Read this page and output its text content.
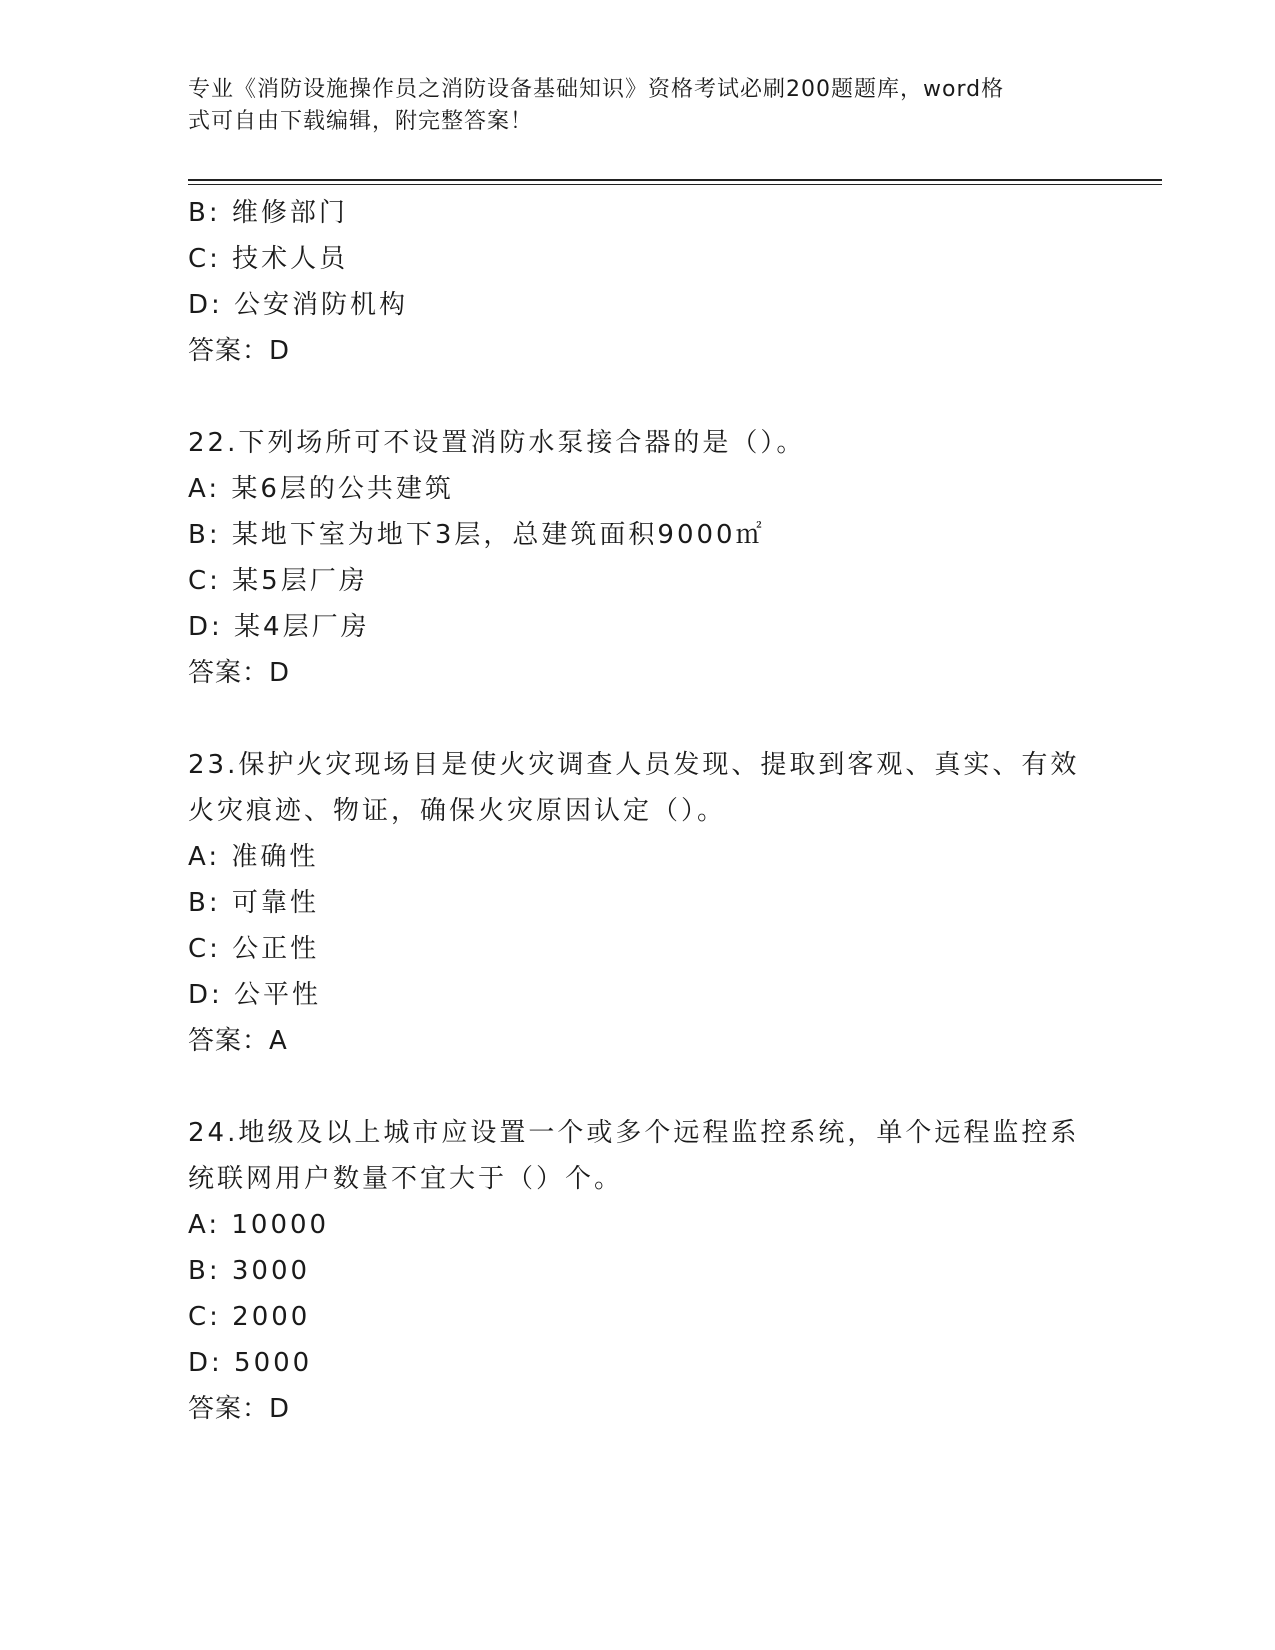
专业《消防设施操作员之消防设备基础知识》资格考试必刷200题题库，word格
式可自由下载编辑，附完整答案！
B: 维修部门
C: 技术人员
D: 公安消防机构
答案：D
22.下列场所可不设置消防水泵接合器的是（）。
A: 某6层的公共建筑
B: 某地下室为地下3层，总建筑面积9000㎡
C: 某5层厂房
D: 某4层厂房
答案：D
23.保护火灾现场目是使火灾调查人员发现、提取到客观、真实、有效
火灾痕迹、物证，确保火灾原因认定（）。
A: 准确性
B: 可靠性
C: 公正性
D: 公平性
答案：A
24.地级及以上城市应设置一个或多个远程监控系统，单个远程监控系
统联网用户数量不宜大于（）个。
A: 10000
B: 3000
C: 2000
D: 5000
答案：D
